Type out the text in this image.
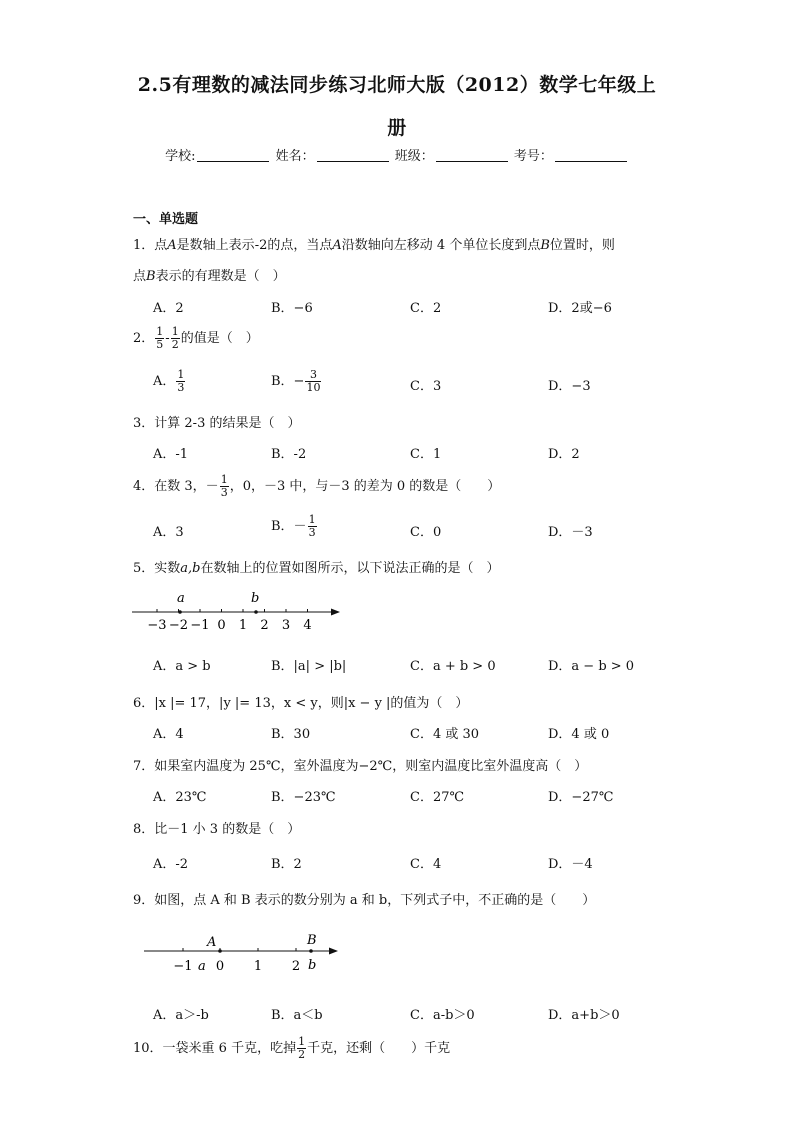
2.5有理数的减法同步练习北师大版（2012）数学七年级上
册
学校:	姓名：	班级：	考号：
一、单选题
1．点A是数轴上表示-2的点，当点A沿数轴向左移动 4 个单位长度到点B位置时，则
点B表示的有理数是（　）
A．2	B．−6	C．2	D．2或−6
2． $\frac{1}{5} - \frac{1}{2}$ 的值是（　）
A． $\frac{1}{3}$	B．− $\frac{3}{10}$	C．3	D．−3
3．计算 2-3 的结果是（　）
A．-1	B．-2	C．1	D．2
4．在数 3，－ $\frac{1}{3}$ ，0，－3 中，与－3 的差为 0 的数是（　　）
A．3	B．－ $\frac{1}{3}$	C．0	D．－3
5．实数a,b在数轴上的位置如图所示，以下说法正确的是（　）
−3 −2 −1 0 1 2 3 4
a	b
A．a > b	B．|a| > |b|	C．a + b > 0	D．a − b > 0
6．|x |= 17，|y |= 13，x < y，则|x − y |的值为（　）
A．4	B．30	C．4 或 30	D．4 或 0
7．如果室内温度为 25℃，室外温度为−2℃，则室内温度比室外温度高（　）
A．23℃	B．−23℃	C．27℃	D．−27℃
8．比－1 小 3 的数是（　）
A．-2	B．2	C．4	D．－4
9．如图，点 A 和 B 表示的数分别为 a 和 b，下列式子中，不正确的是（　　）
−1 0 1 2
A	B
a	b
A．a＞-b	B．a＜b	C．a-b＞0	D．a+b＞0
10．一袋米重 6 千克，吃掉 $\frac{1}{2}$ 千克，还剩（　　）千克
